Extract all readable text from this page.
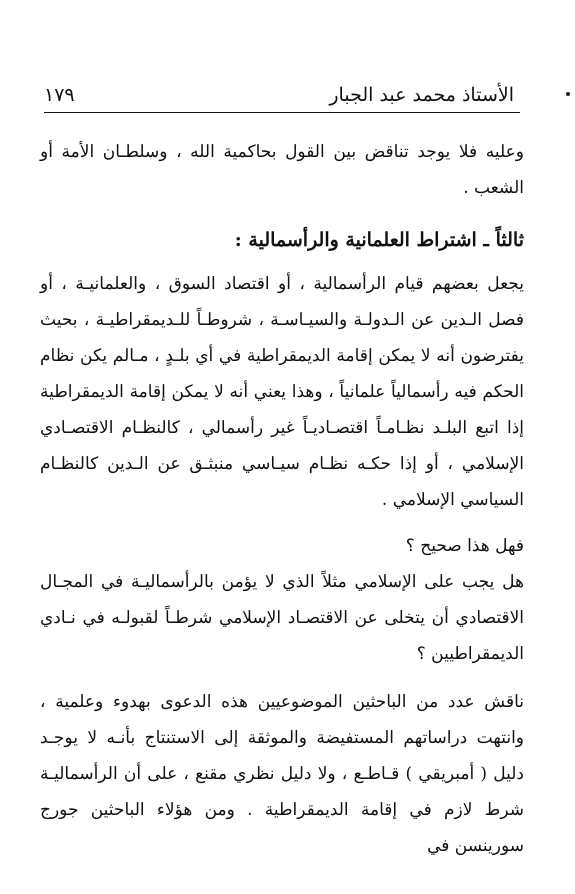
الأستاذ محمد عبد الجبار
١٧٩

وعليه فلا يوجد تناقض بين القول بحاكمية الله ، وسلطـان الأمة أو الشعب .

ثالثاً ـ اشتراط العلمانية والرأسمالية :

يجعل بعضهم قيام الرأسمالية ، أو اقتصاد السوق ، والعلمانيـة ، أو فصل الـدين عن الـدولـة والسيـاسـة ، شروطـاً للـديمقراطيـة ، بحيث يفترضون أنه لا يمكن إقامة الديمقراطية في أي بلـدٍ ، مـالم يكن نظام الحكم فيه رأسمالياً علمانياً ، وهذا يعني أنه لا يمكن إقامة الديمقراطية إذا اتبع البلـد نظـامـاً اقتصـاديـاً غير رأسمالي ، كالنظـام الاقتصـادي الإسلامي ، أو إذا حكـه نظـام سيـاسي منبثـق عن الـدين كالنظـام السياسي الإسلامي .

فهل هذا صحيح ؟

هل يجب على الإسلامي مثلاً الذي لا يؤمن بالرأسماليـة في المجـال الاقتصادي أن يتخلى عن الاقتصـاد الإسلامي شرطـاً لقبولـه في نـادي الديمقراطيين ؟

ناقش عدد من الباحثين الموضوعيين هذه الدعوى بهدوء وعلمية ، وانتهت دراساتهم المستفيضة والموثقة إلى الاستنتاج بأنـه لا يوجـد دليل ( أمبريقي ) قـاطـع ، ولا دليل نظري مقنع ، على أن الرأسماليـة شرط لازم في إقامة الديمقراطية . ومن هؤلاء الباحثين جورج سورينسن في
